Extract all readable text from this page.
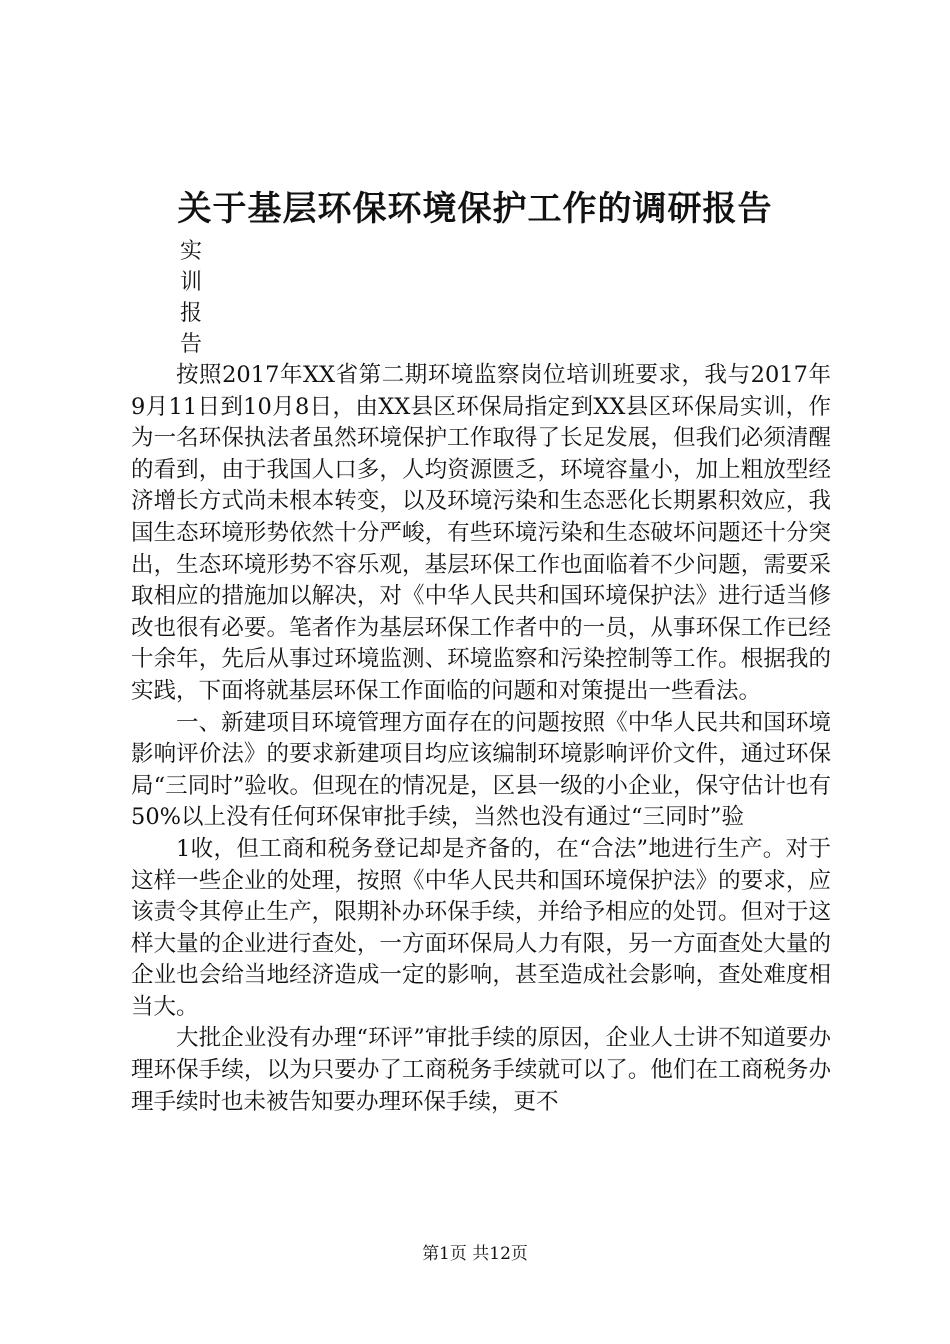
关于基层环保环境保护工作的调研报告
实
训
报
告

按照2017年XX省第二期环境监察岗位培训班要求，我与2017年9月11日到10月8日，由XX县区环保局指定到XX县区环保局实训，作为一名环保执法者虽然环境保护工作取得了长足发展，但我们必须清醒的看到，由于我国人口多，人均资源匮乏，环境容量小，加上粗放型经济增长方式尚未根本转变，以及环境污染和生态恶化长期累积效应，我国生态环境形势依然十分严峻，有些环境污染和生态破坏问题还十分突出，生态环境形势不容乐观，基层环保工作也面临着不少问题，需要采取相应的措施加以解决，对《中华人民共和国环境保护法》进行适当修改也很有必要。笔者作为基层环保工作者中的一员，从事环保工作已经十余年，先后从事过环境监测、环境监察和污染控制等工作。根据我的实践，下面将就基层环保工作面临的问题和对策提出一些看法。

一、新建项目环境管理方面存在的问题按照《中华人民共和国环境影响评价法》的要求新建项目均应该编制环境影响评价文件，通过环保局“三同时”验收。但现在的情况是，区县一级的小企业，保守估计也有50%以上没有任何环保审批手续，当然也没有通过“三同时”验

1收，但工商和税务登记却是齐备的，在“合法”地进行生产。对于这样一些企业的处理，按照《中华人民共和国环境保护法》的要求，应该责令其停止生产，限期补办环保手续，并给予相应的处罚。但对于这样大量的企业进行查处，一方面环保局人力有限，另一方面查处大量的企业也会给当地经济造成一定的影响，甚至造成社会影响，查处难度相当大。

大批企业没有办理“环评”审批手续的原因，企业人士讲不知道要办理环保手续，以为只要办了工商税务手续就可以了。他们在工商税务办理手续时也未被告知要办理环保手续，更不

第1页 共12页
